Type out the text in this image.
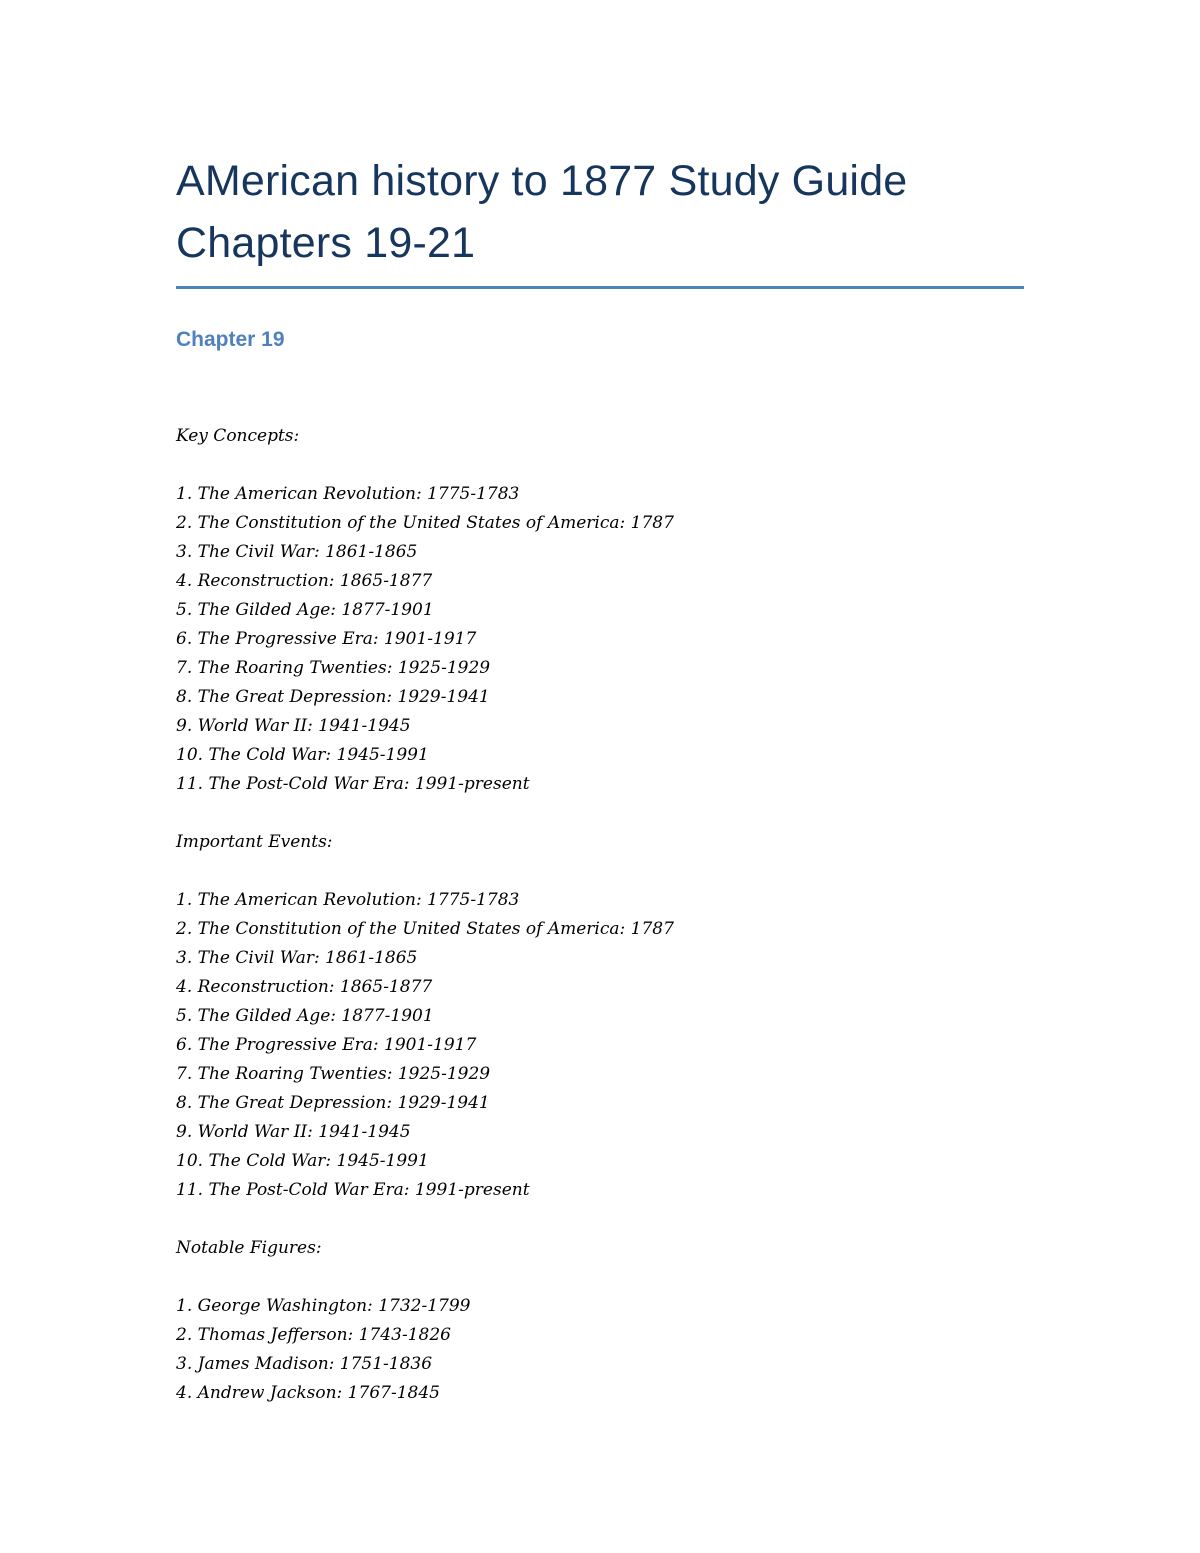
AMerican history to 1877 Study Guide
Chapters 19-21
Chapter 19

Key Concepts:

1. The American Revolution: 1775-1783
2. The Constitution of the United States of America: 1787
3. The Civil War: 1861-1865
4. Reconstruction: 1865-1877
5. The Gilded Age: 1877-1901
6. The Progressive Era: 1901-1917
7. The Roaring Twenties: 1925-1929
8. The Great Depression: 1929-1941
9. World War II: 1941-1945
10. The Cold War: 1945-1991
11. The Post-Cold War Era: 1991-present

Important Events:

1. The American Revolution: 1775-1783
2. The Constitution of the United States of America: 1787
3. The Civil War: 1861-1865
4. Reconstruction: 1865-1877
5. The Gilded Age: 1877-1901
6. The Progressive Era: 1901-1917
7. The Roaring Twenties: 1925-1929
8. The Great Depression: 1929-1941
9. World War II: 1941-1945
10. The Cold War: 1945-1991
11. The Post-Cold War Era: 1991-present

Notable Figures:

1. George Washington: 1732-1799
2. Thomas Jefferson: 1743-1826
3. James Madison: 1751-1836
4. Andrew Jackson: 1767-1845
